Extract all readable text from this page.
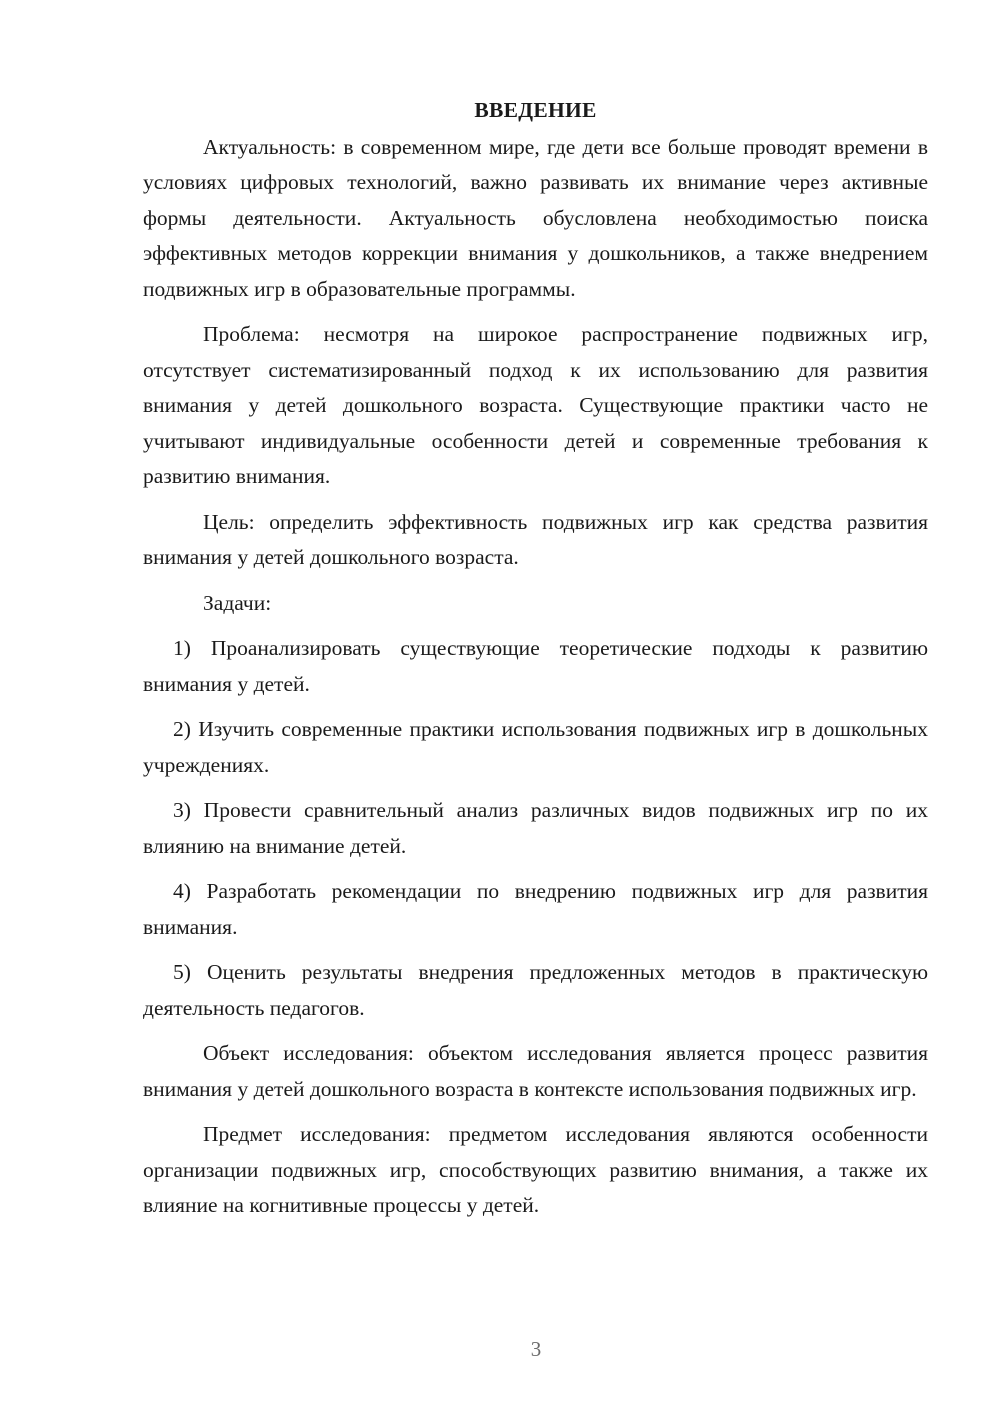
ВВЕДЕНИЕ

Актуальность: в современном мире, где дети все больше проводят времени в условиях цифровых технологий, важно развивать их внимание через активные формы деятельности. Актуальность обусловлена необходимостью поиска эффективных методов коррекции внимания у дошкольников, а также внедрением подвижных игр в образовательные программы.

Проблема: несмотря на широкое распространение подвижных игр, отсутствует систематизированный подход к их использованию для развития внимания у детей дошкольного возраста. Существующие практики часто не учитывают индивидуальные особенности детей и современные требования к развитию внимания.

Цель: определить эффективность подвижных игр как средства развития внимания у детей дошкольного возраста.

Задачи:

1) Проанализировать существующие теоретические подходы к развитию внимания у детей.

2) Изучить современные практики использования подвижных игр в дошкольных учреждениях.

3) Провести сравнительный анализ различных видов подвижных игр по их влиянию на внимание детей.

4) Разработать рекомендации по внедрению подвижных игр для развития внимания.

5) Оценить результаты внедрения предложенных методов в практическую деятельность педагогов.

Объект исследования: объектом исследования является процесс развития внимания у детей дошкольного возраста в контексте использования подвижных игр.

Предмет исследования: предметом исследования являются особенности организации подвижных игр, способствующих развитию внимания, а также их влияние на когнитивные процессы у детей.

3
